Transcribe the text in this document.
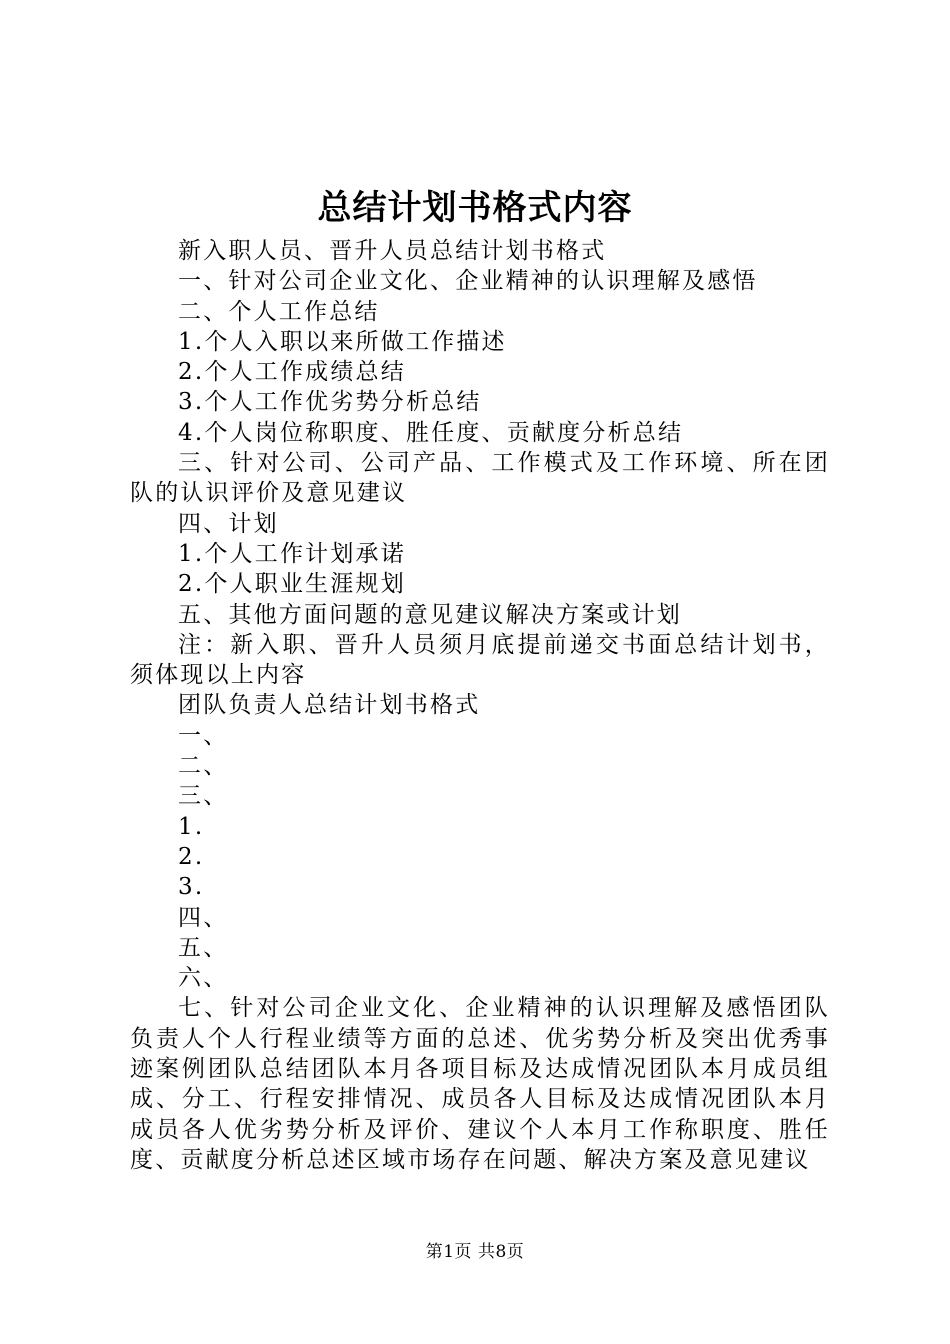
总结计划书格式内容

新入职人员、晋升人员总结计划书格式

一、针对公司企业文化、企业精神的认识理解及感悟

二、个人工作总结

1.个人入职以来所做工作描述

2.个人工作成绩总结

3.个人工作优劣势分析总结

4.个人岗位称职度、胜任度、贡献度分析总结

三、针对公司、公司产品、工作模式及工作环境、所在团队的认识评价及意见建议

四、计划

1.个人工作计划承诺

2.个人职业生涯规划

五、其他方面问题的意见建议解决方案或计划

注：新入职、晋升人员须月底提前递交书面总结计划书，须体现以上内容

团队负责人总结计划书格式

一、

二、

三、

1.

2.

3.

四、

五、

六、

七、针对公司企业文化、企业精神的认识理解及感悟团队负责人个人行程业绩等方面的总述、优劣势分析及突出优秀事迹案例团队总结团队本月各项目标及达成情况团队本月成员组成、分工、行程安排情况、成员各人目标及达成情况团队本月成员各人优劣势分析及评价、建议个人本月工作称职度、胜任度、贡献度分析总述区域市场存在问题、解决方案及意见建议

第1页 共8页
